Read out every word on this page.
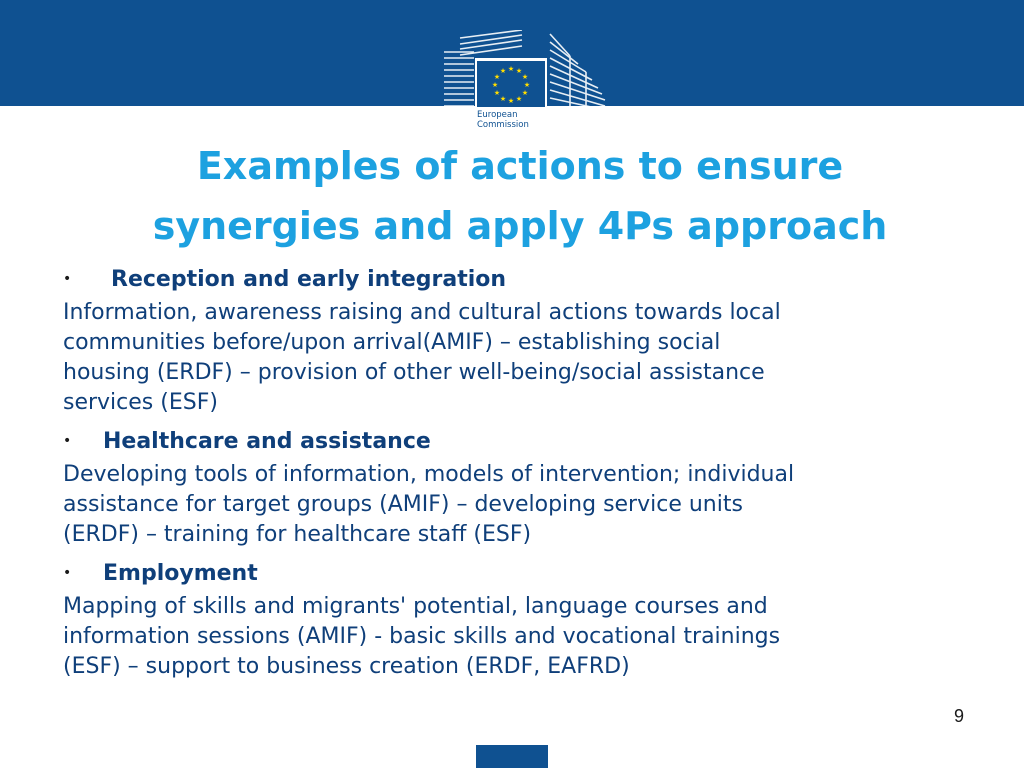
★ ★
★
★
★
★
★
★
★
★
★
★
European
Commission
Examples of actions to ensure
synergies and apply 4Ps approach
•	Reception and early integration

Information, awareness raising and cultural actions towards local
communities before/upon arrival(AMIF) – establishing social
housing (ERDF) – provision of other well-being/social assistance
services (ESF)

•	Healthcare and assistance

Developing tools of information, models of intervention; individual
assistance for target groups (AMIF) – developing service units
(ERDF) – training for healthcare staff (ESF)

•	Employment

Mapping of skills and migrants' potential, language courses and
information sessions (AMIF) - basic skills and vocational trainings
(ESF) – support to business creation (ERDF, EAFRD)

9
